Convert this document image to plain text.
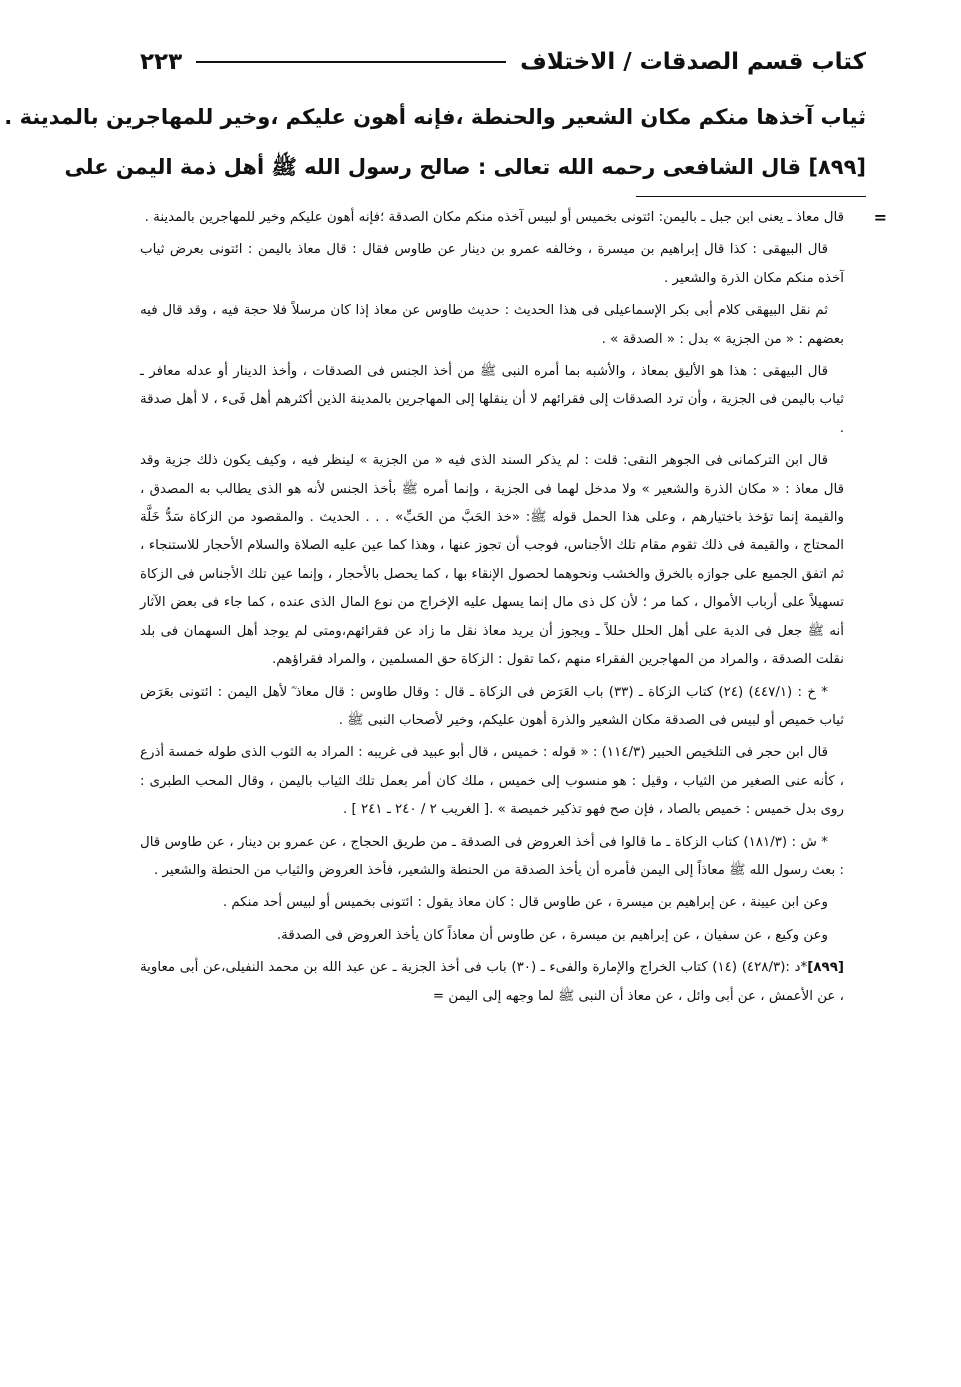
كتاب قسم الصدقات / الاختلاف
٢٢٣
ثياب آخذها منكم مكان الشعير والحنطة ،فإنه أهون عليكم ،وخير للمهاجرين بالمدينة .
[٨٩٩] قال الشافعى رحمه الله تعالى : صالح رسول الله ﷺ أهل ذمة اليمن على
=

قال معاذ ـ يعنى ابن جبل ـ باليمن: ائتونى بخميس أو لبيس آخذه منكم مكان الصدقة ؛فإنه أهون عليكم وخير للمهاجرين بالمدينة .

قال البيهقى : كذا قال إبراهيم بن ميسرة ، وخالفه عمرو بن دينار عن طاوس فقال : قال معاذ باليمن : ائتونى بعرض ثياب آخذه منكم مكان الذرة والشعير .

ثم نقل البيهقى كلام أبى بكر الإسماعيلى فى هذا الحديث : حديث طاوس عن معاذ إذا كان مرسلاً فلا حجة فيه ، وقد قال فيه بعضهم : « من الجزية » بدل : « الصدقة » .

قال البيهقى : هذا هو الأليق بمعاذ ، والأشبه بما أمره النبى ﷺ من أخذ الجنس فى الصدقات ، وأخذ الدينار أو عدله معافر ـ ثياب باليمن فى الجزية ، وأن ترد الصدقات إلى فقرائهم لا أن ينقلها إلى المهاجرين بالمدينة الذين أكثرهم أهل فَىء ، لا أهل صدقة .

قال ابن التركمانى فى الجوهر النقى: قلت : لم يذكر السند الذى فيه « من الجزية » لينظر فيه ، وكيف يكون ذلك جزية وقد قال معاذ : « مكان الذرة والشعير » ولا مدخل لهما فى الجزية ، وإنما أمره ﷺ بأخذ الجنس لأنه هو الذى يطالب به المصدق ، والقيمة إنما تؤخذ باختيارهم ، وعلى هذا الحمل قوله ﷺ: «خذ الحَبَّ من الحَبِّ» . . . الحديث . والمقصود من الزكاة سَدُّ خَلَّة المحتاج ، والقيمة فى ذلك تقوم مقام تلك الأجناس، فوجب أن تجوز عنها ، وهذا كما عين عليه الصلاة والسلام الأحجار للاستنجاء ، ثم اتفق الجميع على جوازه بالخرق والخشب ونحوهما لحصول الإنقاء بها ، كما يحصل بالأحجار ، وإنما عين تلك الأجناس فى الزكاة تسهيلاً على أرباب الأموال ، كما مر ؛ لأن كل ذى مال إنما يسهل عليه الإخراج من نوع المال الذى عنده ، كما جاء فى بعض الآثار أنه ﷺ جعل فى الدية على أهل الحلل حللاً ـ ويجوز أن يريد معاذ نقل ما زاد عن فقرائهم،ومتى لم يوجد أهل السهمان فى بلد نقلت الصدقة ، والمراد من المهاجرين الفقراء منهم ،كما تقول : الزكاة حق المسلمين ، والمراد فقراؤهم.

* خ : (٤٤٧/١) (٢٤) كتاب الزكاة ـ (٣٣) باب العَرَض فى الزكاة ـ قال : وقال طاوس : قال معاذ ؓ لأهل اليمن : ائتونى بعَرَض ثياب خميص أو لبيس فى الصدقة مكان الشعير والذرة أهون عليكم، وخير لأصحاب النبى ﷺ .

قال ابن حجر فى التلخيص الحبير (١١٤/٣) : « قوله : خميس ، قال أبو عبيد فى غريبه : المراد به الثوب الذى طوله خمسة أذرع ، كأنه عنى الصغير من الثياب ، وقيل : هو منسوب إلى خميس ، ملك كان أمر بعمل تلك الثياب باليمن ، وقال المحب الطبرى : روى بدل خميس : خميص بالصاد ، فإن صح فهو تذكير خميصة » .[ الغريب ٢ / ٢٤٠ ـ ٢٤١ ] .

* ش : (١٨١/٣) كتاب الزكاة ـ ما قالوا فى أخذ العروض فى الصدقة ـ من طريق الحجاج ، عن عمرو بن دينار ، عن طاوس قال : بعث رسول الله ﷺ معاذاً إلى اليمن فأمره أن يأخذ الصدقة من الحنطة والشعير، فأخذ العروض والثياب من الحنطة والشعير .

وعن ابن عيينة ، عن إبراهيم بن ميسرة ، عن طاوس قال : كان معاذ يقول : ائتونى بخميس أو لبيس أحد منكم .

وعن وكيع ، عن سفيان ، عن إبراهيم بن ميسرة ، عن طاوس أن معاذاً كان يأخذ العروض فى الصدقة.

[٨٩٩]*د :(٤٢٨/٣) (١٤) كتاب الخراج والإمارة والفىء ـ (٣٠) باب فى أخذ الجزية ـ عن عبد الله بن محمد النفيلى،عن أبى معاوية ، عن الأعمش ، عن أبى وائل ، عن معاذ أن النبى ﷺ لما وجهه إلى اليمن =
